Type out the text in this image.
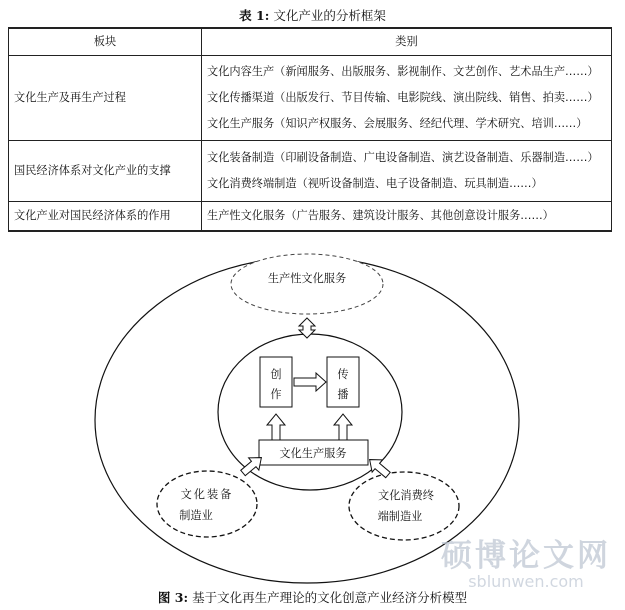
表 1: 文化产业的分析框架
板块	类别
文化生产及再生产过程	文化内容生产（新闻服务、出版服务、影视制作、文艺创作、艺术品生产……）
文化传播渠道（出版发行、节目传输、电影院线、演出院线、销售、拍卖……）
文化生产服务（知识产权服务、会展服务、经纪代理、学术研究、培训……）

国民经济体系对文化产业的支撑	文化装备制造（印刷设备制造、广电设备制造、演艺设备制造、乐器制造……）
文化消费终端制造（视听设备制造、电子设备制造、玩具制造……）

文化产业对国民经济体系的作用	生产性文化服务（广告服务、建筑设计服务、其他创意设计服务……）
生产性文化服务
创
作
传
播
文化生产服务
文化装备
制造业
文化消费终
端制造业
硕博论文网
sblunwen.com
图 3: 基于文化再生产理论的文化创意产业经济分析模型
